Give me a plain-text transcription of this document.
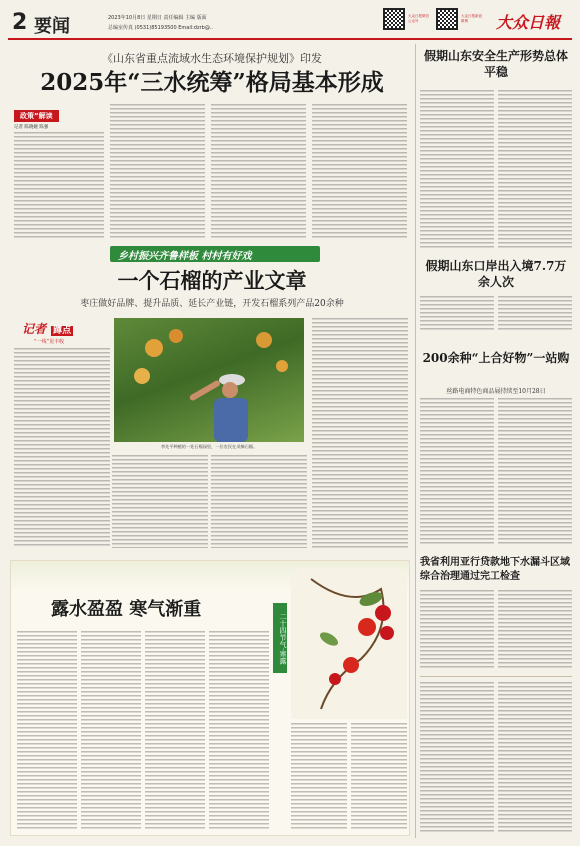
2 要闻	2023年10月8日 星期日 责任编辑 主编 版面
总编室传真 (0531)85193500 Email:dzrb@..
大众日报微信公众号
大众日报新浪微博	大众日報
《山东省重点流域水生态环境保护规划》印发
2025年“三水统筹”格局基本形成
政策”解读
记者 陈晓婉 陈强
乡村振兴齐鲁样板 村村有好戏
一个石榴的产业文章
枣庄做好品牌、提升品质、延长产业链，开发石榴系列产品20余种
记者 蹲点
“一线”见丰收
李先平种植的一处石榴园里，一位农民在采摘石榴。
露水盈盈 寒气渐重
二十四节气·寒露
假期山东安全生产形势总体平稳
假期山东口岸出入境7.7万余人次
200余种“上合好物”一站购
丝路电商特色商品展持续至10月28日
我省利用亚行贷款地下水漏斗区域综合治理通过完工检查
